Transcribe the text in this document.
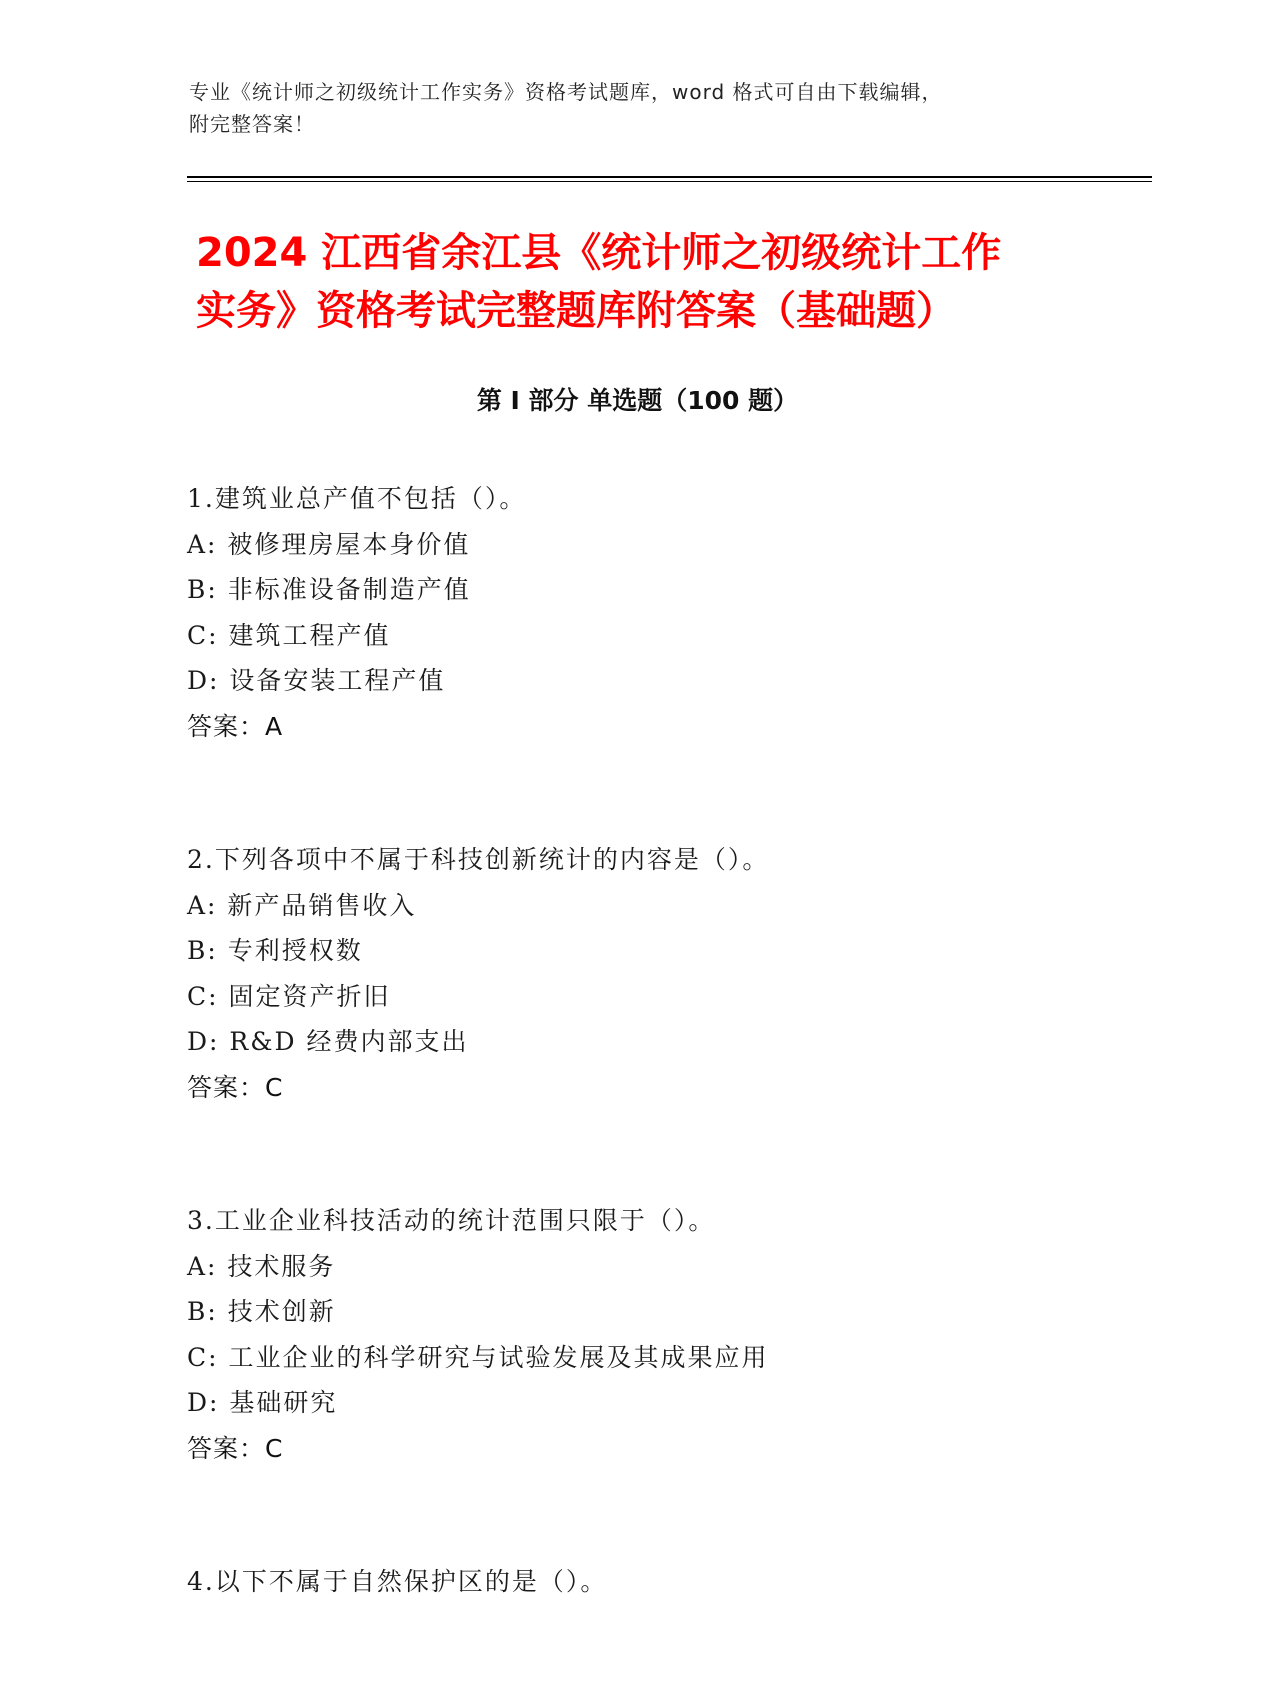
专业《统计师之初级统计工作实务》资格考试题库，word 格式可自由下载编辑，
附完整答案！
2024 江西省余江县《统计师之初级统计工作
实务》资格考试完整题库附答案（基础题）
第 I 部分 单选题（100 题）
1.建筑业总产值不包括（）。
A: 被修理房屋本身价值
B: 非标准设备制造产值
C: 建筑工程产值
D: 设备安装工程产值
答案：A
2.下列各项中不属于科技创新统计的内容是（）。
A: 新产品销售收入
B: 专利授权数
C: 固定资产折旧
D: R&D 经费内部支出
答案：C
3.工业企业科技活动的统计范围只限于（）。
A: 技术服务
B: 技术创新
C: 工业企业的科学研究与试验发展及其成果应用
D: 基础研究
答案：C
4.以下不属于自然保护区的是（）。
